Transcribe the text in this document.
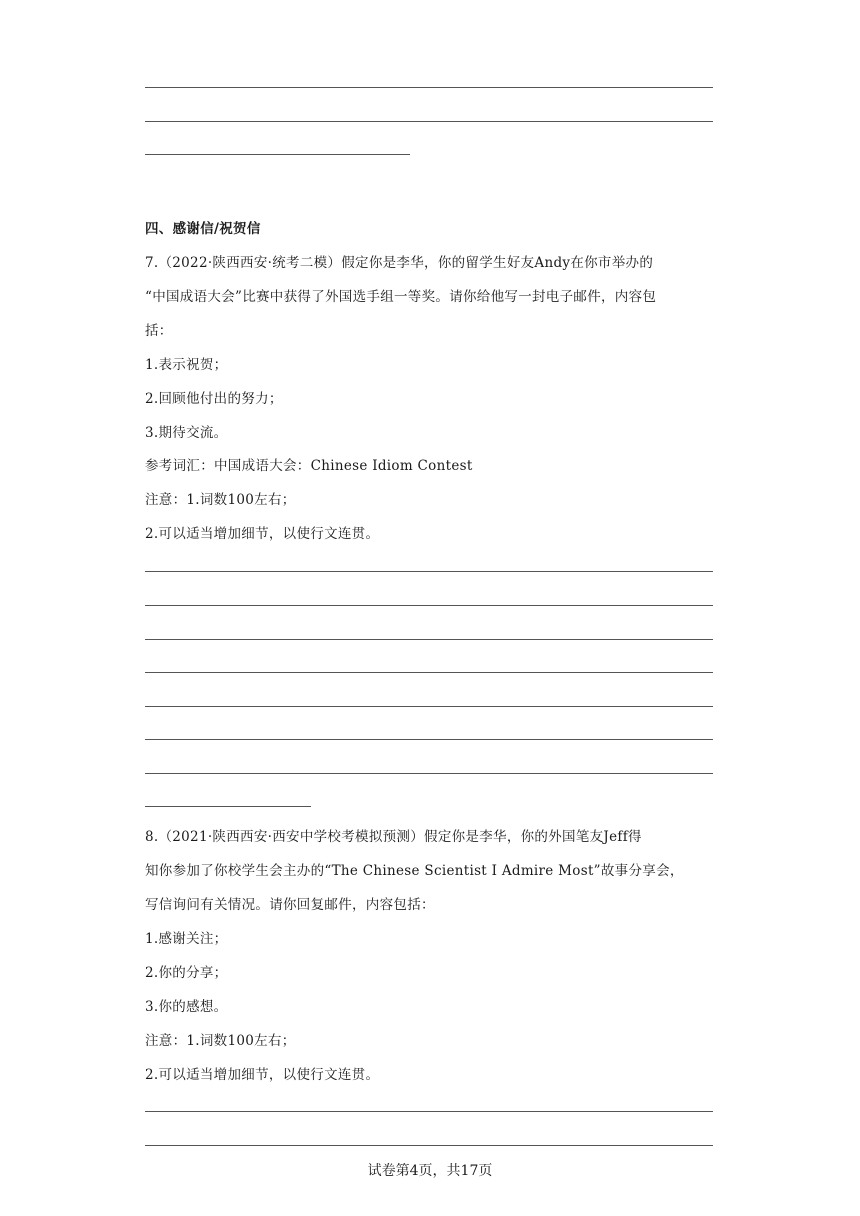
四、感谢信/祝贺信
7.（2022·陕西西安·统考二模）假定你是李华，你的留学生好友Andy在你市举办的
“中国成语大会”比赛中获得了外国选手组一等奖。请你给他写一封电子邮件，内容包
括：
1.表示祝贺；
2.回顾他付出的努力；
3.期待交流。
参考词汇：中国成语大会：Chinese Idiom Contest
注意：1.词数100左右；
2.可以适当增加细节，以使行文连贯。
8.（2021·陕西西安·西安中学校考模拟预测）假定你是李华，你的外国笔友Jeff得
知你参加了你校学生会主办的“The Chinese Scientist I Admire Most”故事分享会，
写信询问有关情况。请你回复邮件，内容包括：
1.感谢关注；
2.你的分享；
3.你的感想。
注意：1.词数100左右；
2.可以适当增加细节，以使行文连贯。
试卷第4页，共17页
